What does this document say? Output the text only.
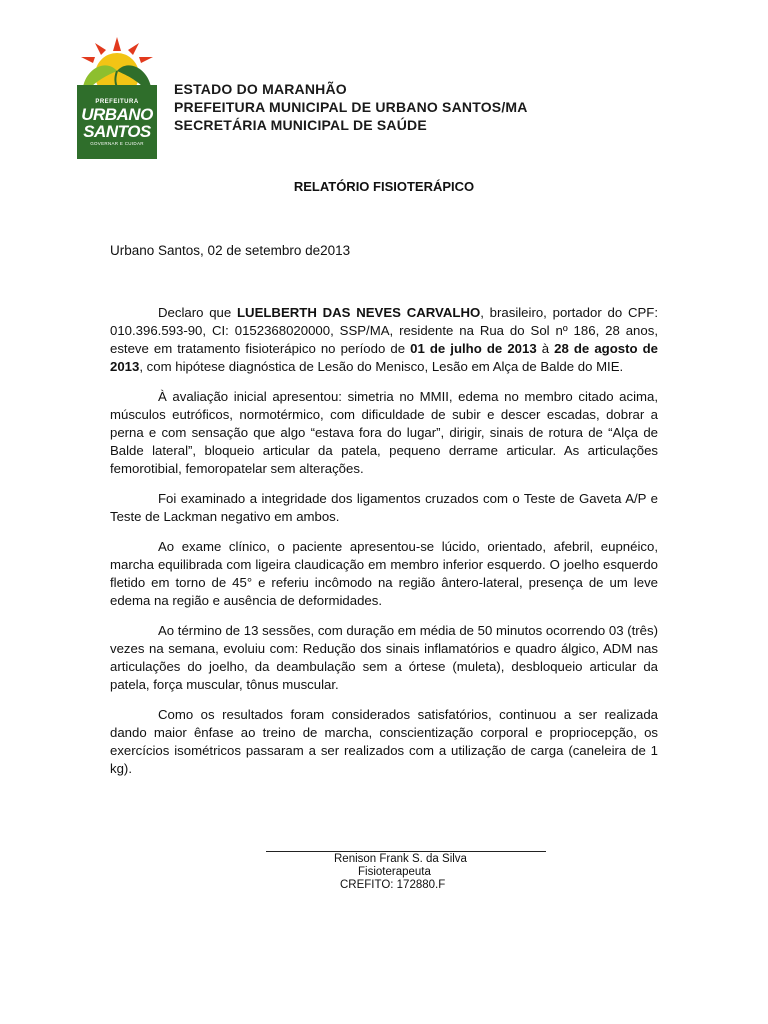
PREFEITURA
URBANO
SANTOS
GOVERNAR E CUIDAR
ESTADO DO MARANHÃO
PREFEITURA MUNICIPAL DE URBANO SANTOS/MA
SECRETÁRIA MUNICIPAL DE SAÚDE
RELATÓRIO FISIOTERÁPICO
Urbano Santos, 02 de setembro de2013

Declaro que LUELBERTH DAS NEVES CARVALHO, brasileiro, portador do CPF: 010.396.593-90, CI: 0152368020000, SSP/MA, residente na Rua do Sol nº 186, 28 anos, esteve em tratamento fisioterápico no período de 01 de julho de 2013 à 28 de agosto de 2013, com hipótese diagnóstica de Lesão do Menisco, Lesão em Alça de Balde do MIE.

À avaliação inicial apresentou: simetria no MMII, edema no membro citado acima, músculos eutróficos, normotérmico, com dificuldade de subir e descer escadas, dobrar a perna e com sensação que algo “estava fora do lugar”, dirigir, sinais de rotura de “Alça de Balde lateral”, bloqueio articular da patela, pequeno derrame articular. As articulações femorotibial, femoropatelar sem alterações.

Foi examinado a integridade dos ligamentos cruzados com o Teste de Gaveta A/P e Teste de Lackman negativo em ambos.

Ao exame clínico, o paciente apresentou-se lúcido, orientado, afebril, eupnéico, marcha equilibrada com ligeira claudicação em membro inferior esquerdo. O joelho esquerdo fletido em torno de 45° e referiu incômodo na região ântero-lateral, presença de um leve edema na região e ausência de deformidades.

Ao término de 13 sessões, com duração em média de 50 minutos ocorrendo 03 (três) vezes na semana, evoluiu com: Redução dos sinais inflamatórios e quadro álgico, ADM nas articulações do joelho, da deambulação sem a órtese (muleta), desbloqueio articular da patela, força muscular, tônus muscular.

Como os resultados foram considerados satisfatórios, continuou a ser realizada dando maior ênfase ao treino de marcha, conscientização corporal e propriocepção, os exercícios isométricos passaram a ser realizados com a utilização de carga (caneleira de 1 kg).

Renison Frank S. da Silva
Fisioterapeuta
CREFITO: 172880.F
